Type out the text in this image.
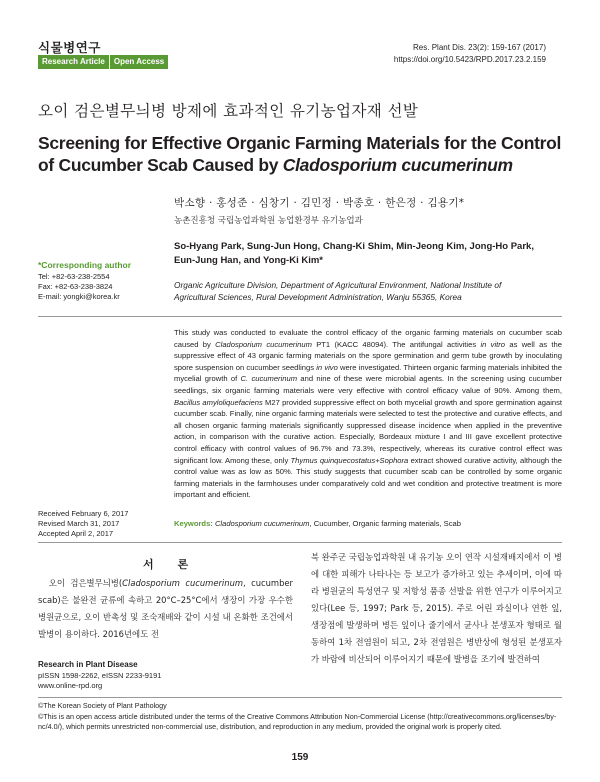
식물병연구	Res. Plant Dis. 23(2): 159-167 (2017)
https://doi.org/10.5423/RPD.2017.23.2.159
Research Article	Open Access
오이 검은별무늬병 방제에 효과적인 유기농업자재 선발
Screening for Effective Organic Farming Materials for the Control
of Cucumber Scab Caused by Cladosporium cucumerinum
박소향 · 홍성준 · 심창기 · 김민정 · 박종호 · 한은정 · 김용기*
농촌진흥청 국립농업과학원 농업환경부 유기농업과
So-Hyang Park, Sung-Jun Hong, Chang-Ki Shim, Min-Jeong Kim, Jong-Ho Park,
Eun-Jung Han, and Yong-Ki Kim*
Organic Agriculture Division, Department of Agricultural Environment, National Institute of
Agricultural Sciences, Rural Development Administration, Wanju 55365, Korea
*Corresponding author
Tel: +82-63-238-2554
Fax: +82-63-238-3824
E-mail: yongki@korea.kr
This study was conducted to evaluate the control efficacy of the organic farming materials on cucumber scab caused by Cladosporium cucumerinum PT1 (KACC 48094). The antifungal activities in vitro as well as the suppressive effect of 43 organic farming materials on the spore germination and germ tube growth by inoculating spore suspension on cucumber seedlings in vivo were investigated. Thirteen organic farming materials inhibited the mycelial growth of C. cucumerinum and nine of these were microbial agents. In the screening using cucumber seedlings, six organic farming materials were very effective with control efficacy value of 90%. Among them, Bacillus amyloliquefaciens M27 provided suppressive effect on both mycelial growth and spore germination against cucumber scab. Finally, nine organic farming materials were selected to test the protective and curative effects, and all chosen organic farming materials significantly suppressed disease incidence when applied in the preventive action, in comparison with the curative action. Especially, Bordeaux mixture I and III gave excellent protective control efficacy with control values of 96.7% and 73.3%, respectively, whereas its curative control effect was significant low. Among these, only Thymus quinquecostatus+Sophora extract showed curative activity, although the control value was as low as 50%. This study suggests that cucumber scab can be controlled by some organic farming materials in the farmhouses under comparatively cold and wet condition and protective treatment is more important and efficient.
Keywords: Cladosporium cucumerinum, Cucumber, Organic farming materials, Scab
Received February 6, 2017
Revised March 31, 2017
Accepted April 2, 2017
서 론
오이 검은별무늬병(Cladosporium cucumerinum, cucumber scab)은 불완전 균류에 속하고 20°C–25°C에서 생장이 가장 우수한 병원균으로, 오이 반촉성 및 조숙재배와 같이 시설 내 온화한 조건에서 발병이 용이하다. 2016년에도 전
북 완주군 국립농업과학원 내 유기농 오이 연작 시설재배지에서 이 병에 대한 피해가 나타나는 등 보고가 증가하고 있는 추세이며, 이에 따라 병원균의 특성연구 및 저항성 품종 선발을 위한 연구가 이루어지고 있다(Lee 등, 1997; Park 등, 2015). 주로 어린 과실이나 연한 잎, 생장점에 발생하며 병든 잎이나 줄기에서 균사나 분생포자 형태로 월동하여 1차 전염원이 되고, 2차 전염원은 병반상에 형성된 분생포자가 바람에 비산되어 이루어지기 때문에 발병을 조기에 발견하여
Research in Plant Disease
pISSN 1598-2262, eISSN 2233-9191
www.online-rpd.org
©The Korean Society of Plant Pathology
©This is an open access article distributed under the terms of the Creative Commons Attribution Non-Commercial License (http://creativecommons.org/licenses/by-nc/4.0/), which permits unrestricted non-commercial use, distribution, and reproduction in any medium, provided the original work is properly cited.
159
